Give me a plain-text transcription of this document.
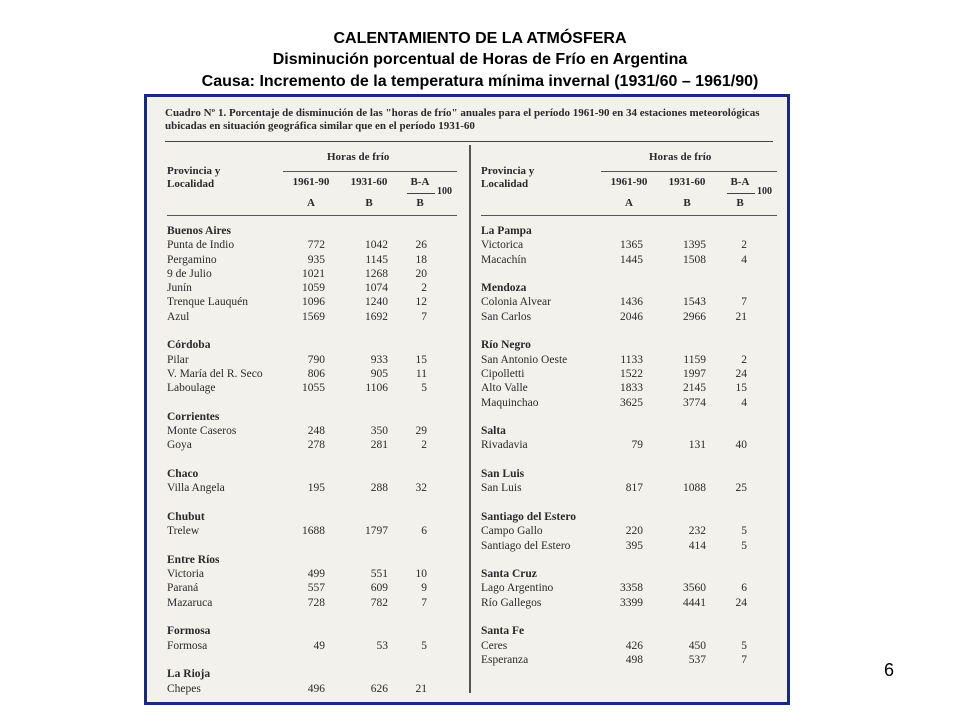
CALENTAMIENTO DE LA ATMÓSFERA
Disminución porcentual de Horas de Frío en Argentina
Causa: Incremento de la temperatura mínima invernal (1931/60 – 1961/90)
Cuadro Nº 1. Porcentaje de disminución de las "horas de frío" anuales para el período 1961-90 en 34 estaciones meteorológicas ubicadas en situación geográfica similar que en el período 1931-60
Provincia y Localidad
Horas de frío
1961-90	1931-60	B-A
100
A	B	B
Buenos Aires
Punta de Indio	772	1042	26
Pergamino	935	1145	18
9 de Julio	1021	1268	20
Junín	1059	1074	2
Trenque Lauquén	1096	1240	12
Azul	1569	1692	7
Córdoba
Pilar	790	933	15
V. María del R. Seco	806	905	11
Laboulage	1055	1106	5
Corrientes
Monte Caseros	248	350	29
Goya	278	281	2
Chaco
Villa Angela	195	288	32
Chubut
Trelew	1688	1797	6
Entre Ríos
Victoria	499	551	10
Paraná	557	609	9
Mazaruca	728	782	7
Formosa
Formosa	49	53	5
La Rioja
Chepes	496	626	21
Provincia y Localidad
Horas de frío
1961-90	1931-60	B-A
100
A	B	B
La Pampa
Victorica	1365	1395	2
Macachín	1445	1508	4
Mendoza
Colonia Alvear	1436	1543	7
San Carlos	2046	2966	21
Río Negro
San Antonio Oeste	1133	1159	2
Cipolletti	1522	1997	24
Alto Valle	1833	2145	15
Maquinchao	3625	3774	4
Salta
Rivadavia	79	131	40
San Luis
San Luis	817	1088	25
Santiago del Estero
Campo Gallo	220	232	5
Santiago del Estero	395	414	5
Santa Cruz
Lago Argentino	3358	3560	6
Río Gallegos	3399	4441	24
Santa Fe
Ceres	426	450	5
Esperanza	498	537	7
6
